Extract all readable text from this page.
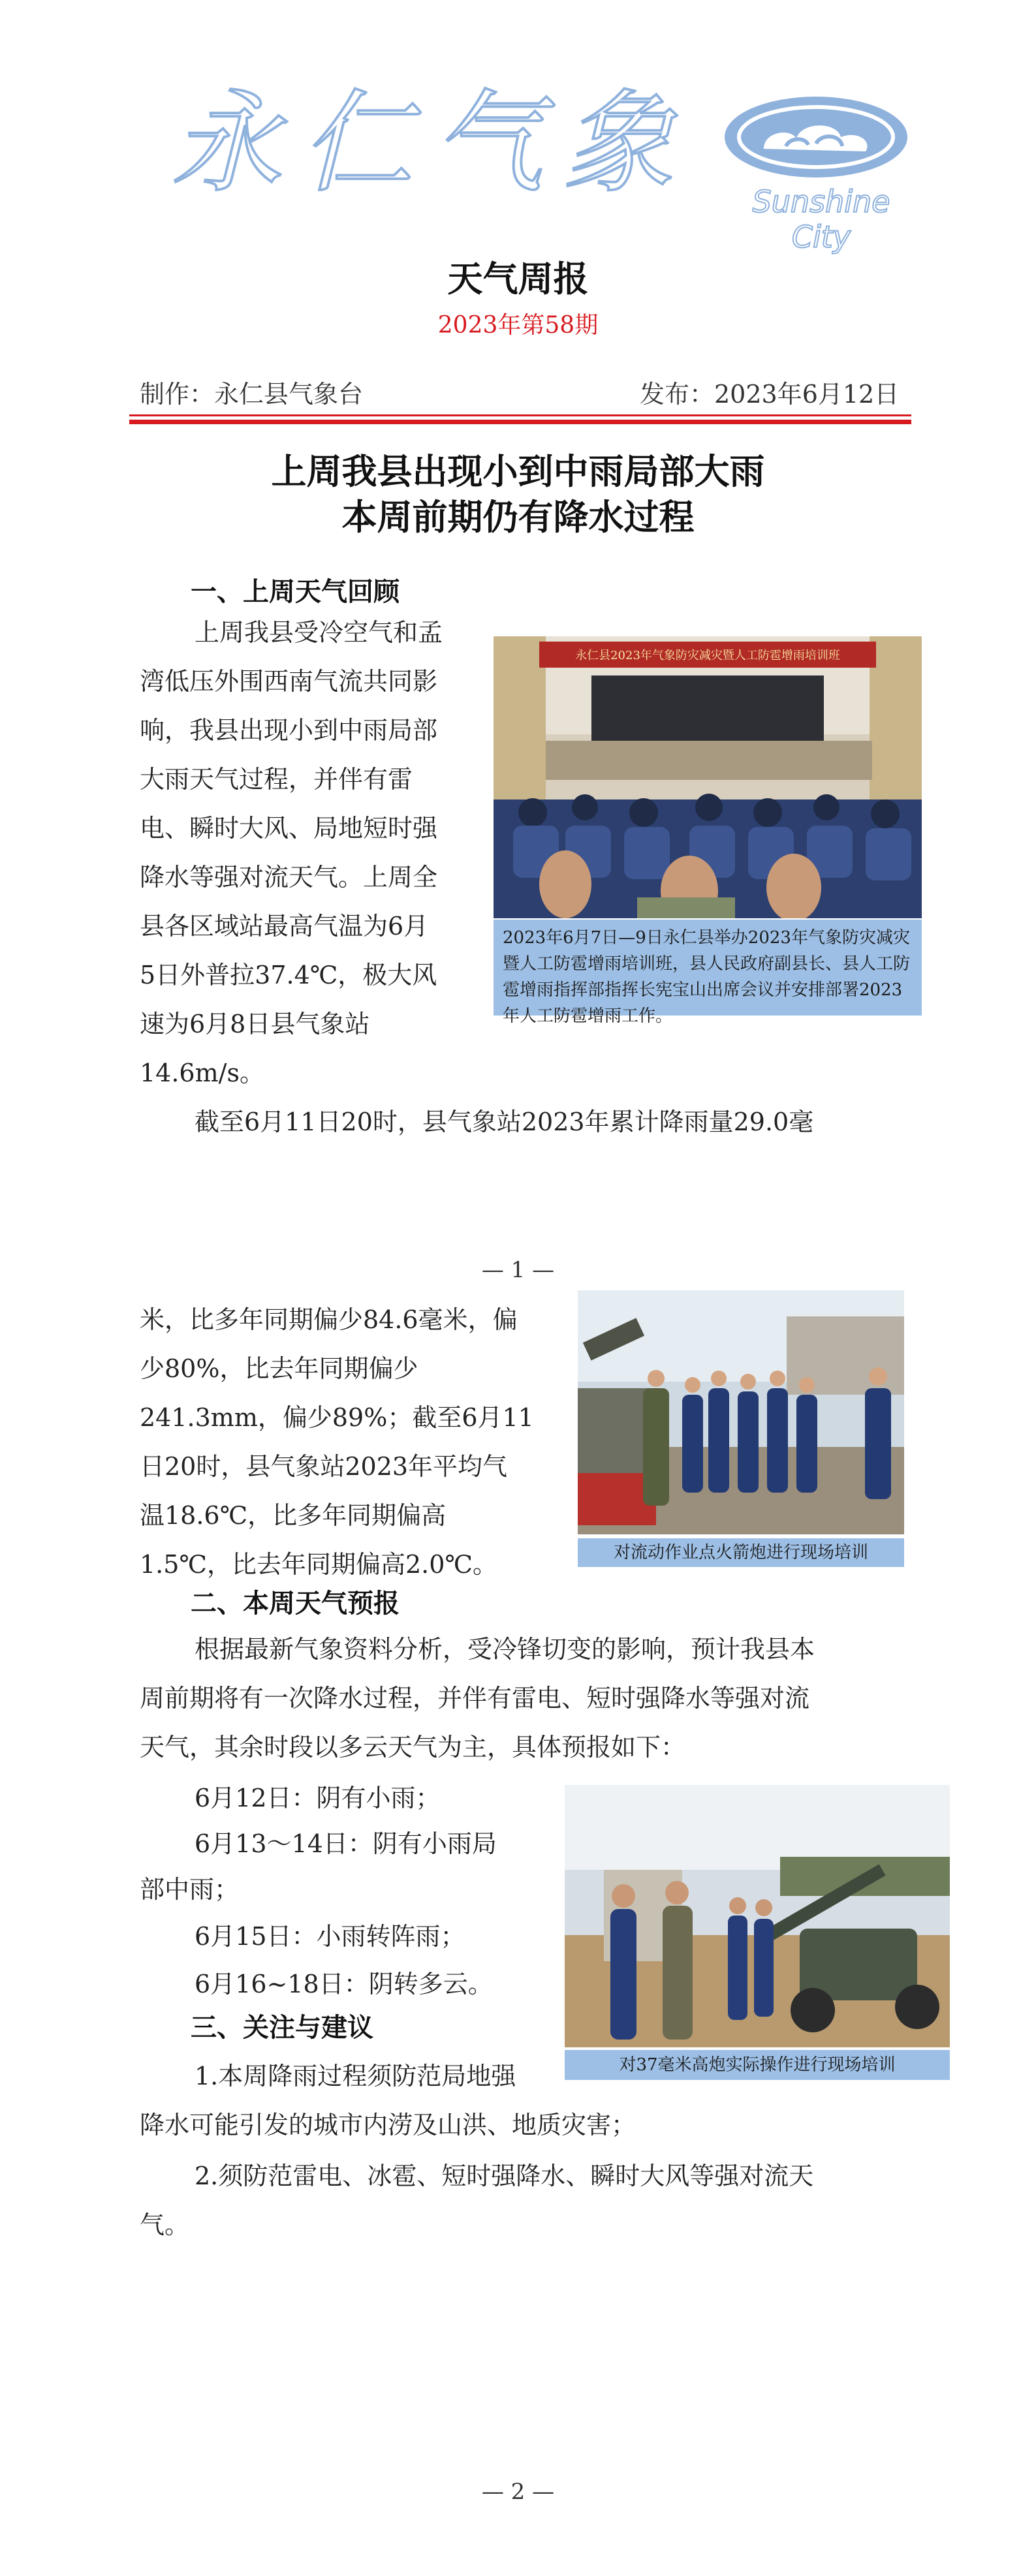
永仁气象	Sunshine City
天气周报
2023年第58期
制作：永仁县气象台	发布：2023年6月12日
上周我县出现小到中雨局部大雨
本周前期仍有降水过程
一、上周天气回顾
上周我县受冷空气和孟
湾低压外围西南气流共同影
响，我县出现小到中雨局部
大雨天气过程，并伴有雷
电、瞬时大风、局地短时强
降水等强对流天气。上周全
县各区域站最高气温为6月
5日外普拉37.4℃，极大风
速为6月8日县气象站
14.6m/s。
截至6月11日20时，县气象站2023年累计降雨量29.0毫
永仁县2023年气象防灾减灾暨人工防雹增雨培训班
2023年6月7日—9日永仁县举办2023年气象防灾减灾暨人工防雹增雨培训班，县人民政府副县长、县人工防雹增雨指挥部指挥长宪宝山出席会议并安排部署2023年人工防雹增雨工作。
— 1 —
米，比多年同期偏少84.6毫米，偏
少80%，比去年同期偏少
241.3mm，偏少89%；截至6月11
日20时，县气象站2023年平均气
温18.6℃，比多年同期偏高
1.5℃，比去年同期偏高2.0℃。	对流动作业点火箭炮进行现场培训
二、本周天气预报
根据最新气象资料分析，受冷锋切变的影响，预计我县本
周前期将有一次降水过程，并伴有雷电、短时强降水等强对流
天气，其余时段以多云天气为主，具体预报如下：
6月12日：阴有小雨；
6月13～14日：阴有小雨局
部中雨；
6月15日：小雨转阵雨；
6月16~18日：阴转多云。
对37毫米高炮实际操作进行现场培训
三、关注与建议
1.本周降雨过程须防范局地强
降水可能引发的城市内涝及山洪、地质灾害；
2.须防范雷电、冰雹、短时强降水、瞬时大风等强对流天
气。
— 2 —
